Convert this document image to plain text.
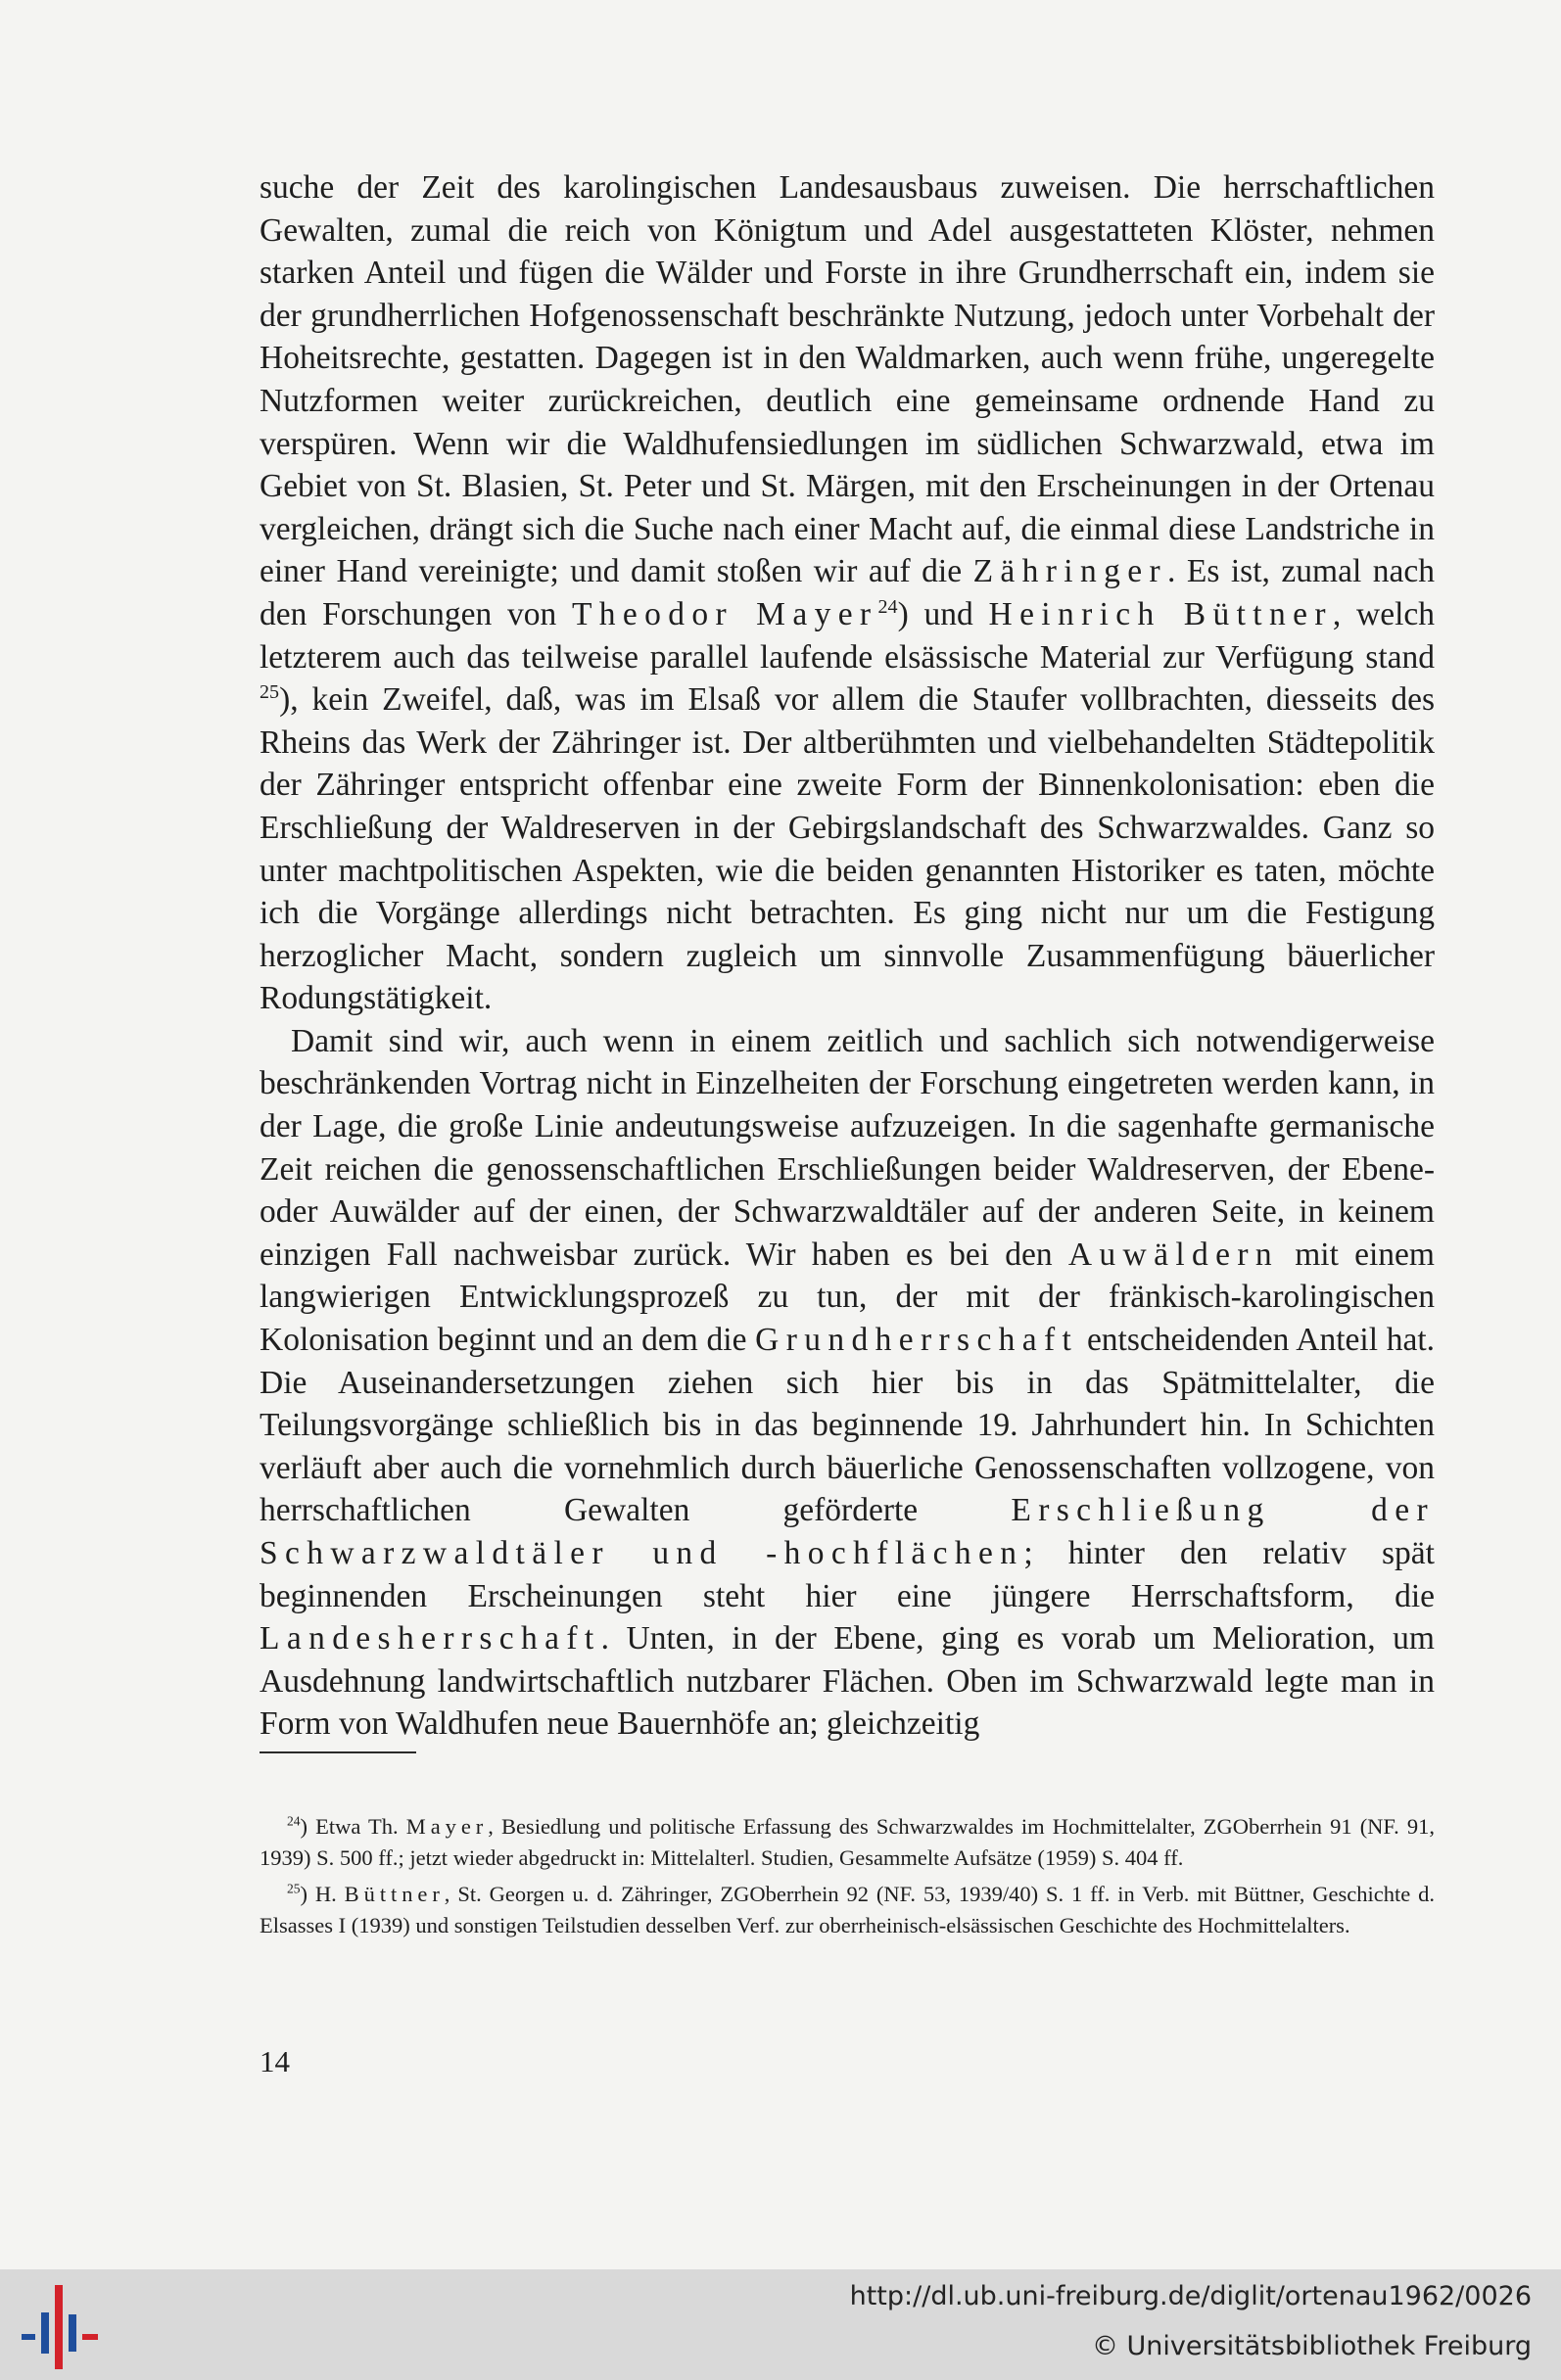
suche der Zeit des karolingischen Landesausbaus zuweisen. Die herrschaftlichen Gewalten, zumal die reich von Königtum und Adel ausgestatteten Klöster, nehmen starken Anteil und fügen die Wälder und Forste in ihre Grundherrschaft ein, indem sie der grundherrlichen Hofgenossenschaft beschränkte Nutzung, jedoch unter Vorbehalt der Hoheitsrechte, gestatten. Dagegen ist in den Waldmarken, auch wenn frühe, ungeregelte Nutzformen weiter zurückreichen, deutlich eine gemeinsame ordnende Hand zu verspüren. Wenn wir die Waldhufensiedlungen im südlichen Schwarzwald, etwa im Gebiet von St. Blasien, St. Peter und St. Märgen, mit den Erscheinungen in der Ortenau vergleichen, drängt sich die Suche nach einer Macht auf, die einmal diese Landstriche in einer Hand vereinigte; und damit stoßen wir auf die Zähringer. Es ist, zumal nach den Forschungen von Theodor Mayer$^{24}$) und Heinrich Büttner, welch letzterem auch das teilweise parallel laufende elsässische Material zur Verfügung stand $^{25}$), kein Zweifel, daß, was im Elsaß vor allem die Staufer vollbrachten, diesseits des Rheins das Werk der Zähringer ist. Der altberühmten und vielbehandelten Städtepolitik der Zähringer entspricht offenbar eine zweite Form der Binnenkolonisation: eben die Erschließung der Waldreserven in der Gebirgslandschaft des Schwarzwaldes. Ganz so unter machtpolitischen Aspekten, wie die beiden genannten Historiker es taten, möchte ich die Vorgänge allerdings nicht betrachten. Es ging nicht nur um die Festigung herzoglicher Macht, sondern zugleich um sinnvolle Zusammenfügung bäuerlicher Rodungstätigkeit.

Damit sind wir, auch wenn in einem zeitlich und sachlich sich notwendigerweise beschränkenden Vortrag nicht in Einzelheiten der Forschung eingetreten werden kann, in der Lage, die große Linie andeutungsweise aufzuzeigen. In die sagenhafte germanische Zeit reichen die genossenschaftlichen Erschließungen beider Waldreserven, der Ebene- oder Auwälder auf der einen, der Schwarzwaldtäler auf der anderen Seite, in keinem einzigen Fall nachweisbar zurück. Wir haben es bei den Auwäldern mit einem langwierigen Entwicklungsprozeß zu tun, der mit der fränkisch-karolingischen Kolonisation beginnt und an dem die Grundherrschaft entscheidenden Anteil hat. Die Auseinandersetzungen ziehen sich hier bis in das Spätmittelalter, die Teilungsvorgänge schließlich bis in das beginnende 19. Jahrhundert hin. In Schichten verläuft aber auch die vornehmlich durch bäuerliche Genossenschaften vollzogene, von herrschaftlichen Gewalten geförderte Erschließung der Schwarzwaldtäler und -hochflächen; hinter den relativ spät beginnenden Erscheinungen steht hier eine jüngere Herrschaftsform, die Landesherrschaft. Unten, in der Ebene, ging es vorab um Melioration, um Ausdehnung landwirtschaftlich nutzbarer Flächen. Oben im Schwarzwald legte man in Form von Waldhufen neue Bauernhöfe an; gleichzeitig

$^{24}$) Etwa Th. Mayer, Besiedlung und politische Erfassung des Schwarzwaldes im Hochmittelalter, ZGOberrhein 91 (NF. 91, 1939) S. 500 ff.; jetzt wieder abgedruckt in: Mittelalterl. Studien, Gesammelte Aufsätze (1959) S. 404 ff.

$^{25}$) H. Büttner, St. Georgen u. d. Zähringer, ZGOberrhein 92 (NF. 53, 1939/40) S. 1 ff. in Verb. mit Büttner, Geschichte d. Elsasses I (1939) und sonstigen Teilstudien desselben Verf. zur oberrheinisch-elsässischen Geschichte des Hochmittelalters.

14
http://dl.ub.uni-freiburg.de/diglit/ortenau1962/0026
© Universitätsbibliothek Freiburg
